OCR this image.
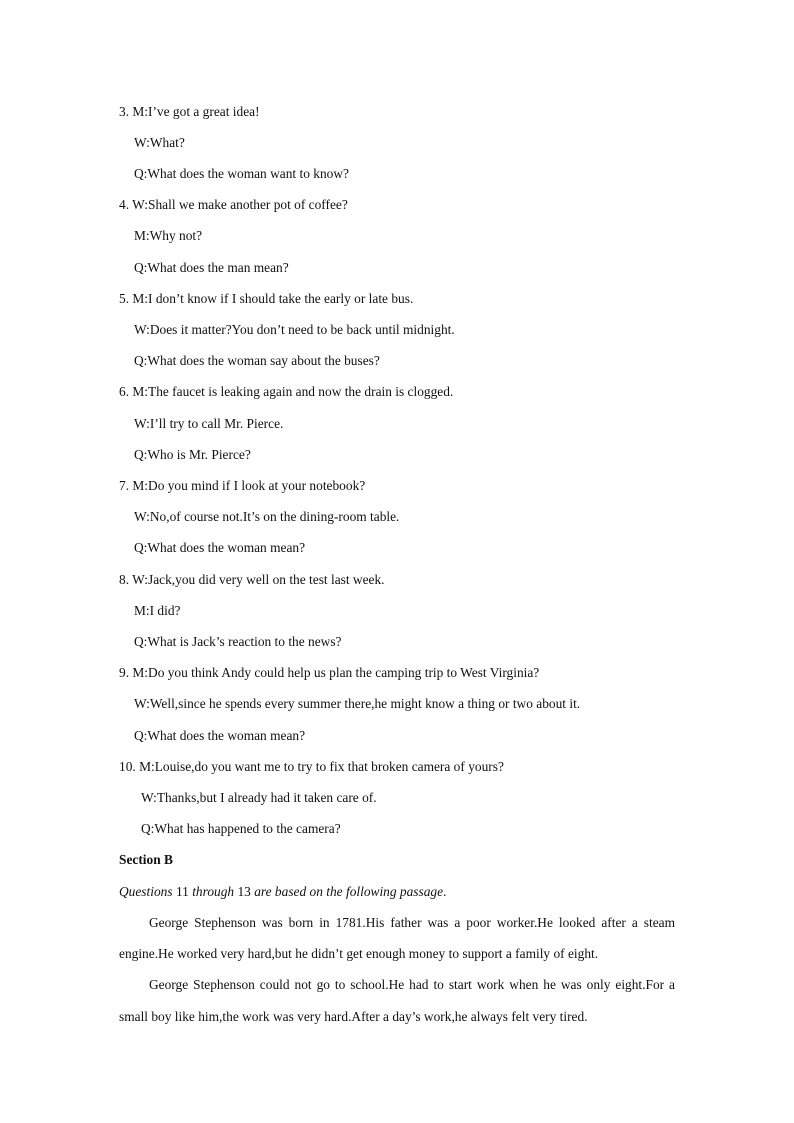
3. M:I’ve got a great idea!
W:What?
Q:What does the woman want to know?
4. W:Shall we make another pot of coffee?
M:Why not?
Q:What does the man mean?
5. M:I don’t know if I should take the early or late bus.
W:Does it matter?You don’t need to be back until midnight.
Q:What does the woman say about the buses?
6. M:The faucet is leaking again and now the drain is clogged.
W:I’ll try to call Mr. Pierce.
Q:Who is Mr. Pierce?
7. M:Do you mind if I look at your notebook?
W:No,of course not.It’s on the dining-room table.
Q:What does the woman mean?
8. W:Jack,you did very well on the test last week.
M:I did?
Q:What is Jack’s reaction to the news?
9. M:Do you think Andy could help us plan the camping trip to West Virginia?
W:Well,since he spends every summer there,he might know a thing or two about it.
Q:What does the woman mean?
10. M:Louise,do you want me to try to fix that broken camera of yours?
W:Thanks,but I already had it taken care of.
Q:What has happened to the camera?
Section B
Questions 11 through 13 are based on the following passage.
George Stephenson was born in 1781.His father was a poor worker.He looked after a steam
engine.He worked very hard,but he didn’t get enough money to support a family of eight.
George Stephenson could not go to school.He had to start work when he was only eight.For a
small boy like him,the work was very hard.After a day’s work,he always felt very tired.
